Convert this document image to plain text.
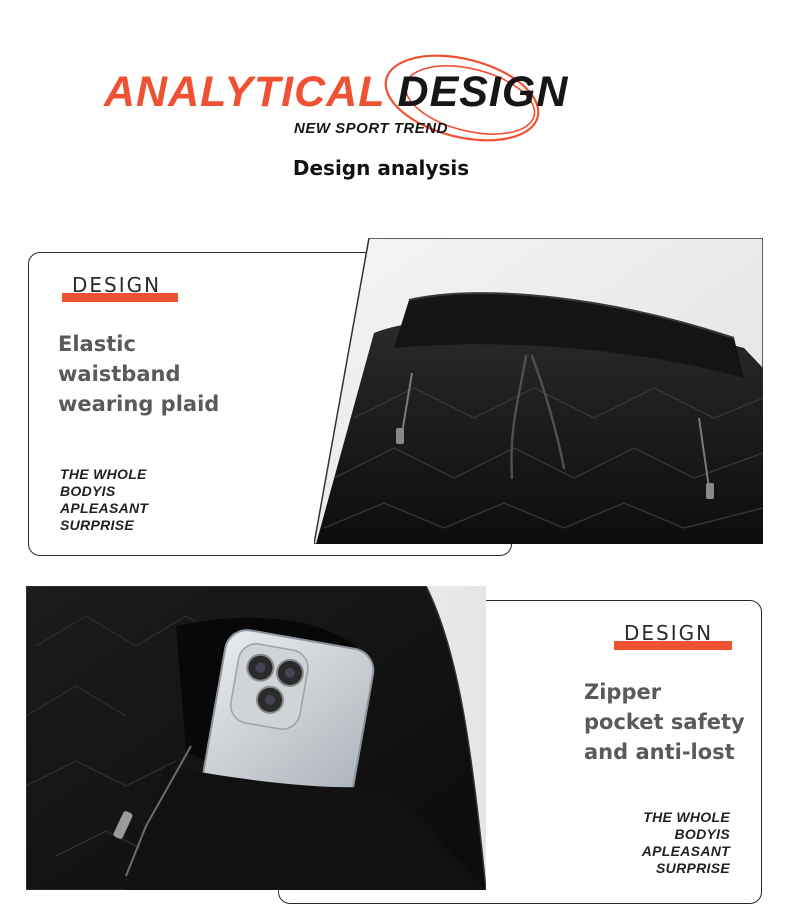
ANALYTICAL DESIGN
NEW SPORT TREND
Design analysis
DESIGN
Elastic
waistband
wearing plaid
THE WHOLE
BODYIS
APLEASANT
SURPRISE
DESIGN
Zipper
pocket safety
and anti-lost
THE WHOLE
BODYIS
APLEASANT
SURPRISE
